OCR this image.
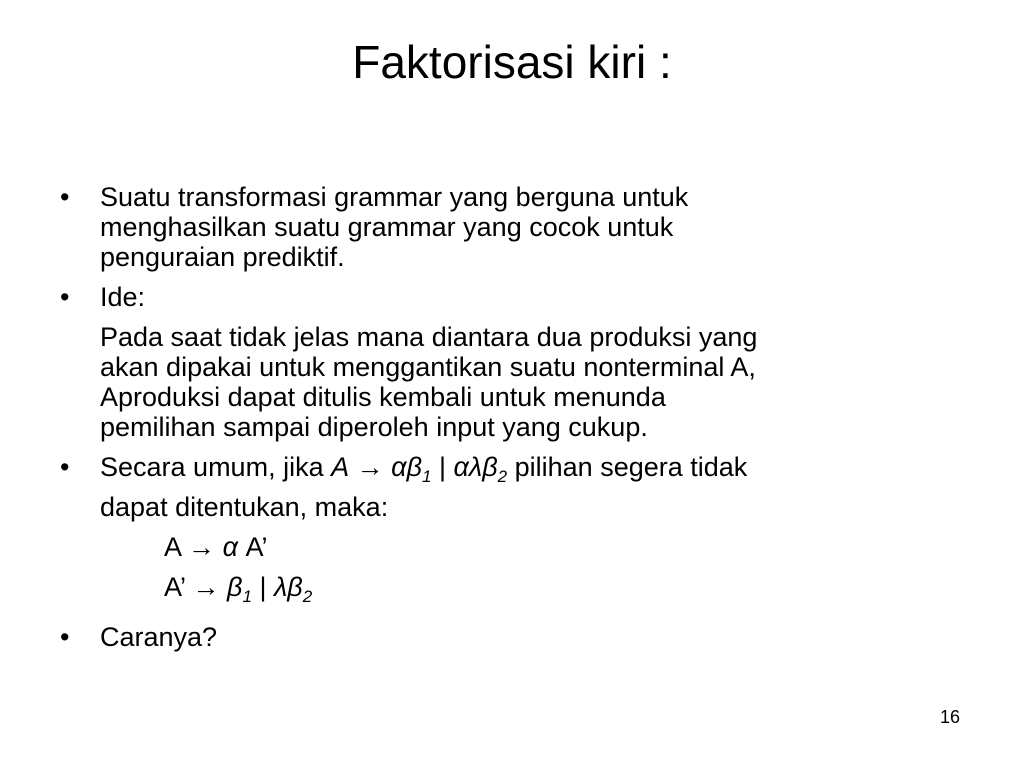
Faktorisasi kiri :
• Suatu transformasi grammar yang berguna untuk
menghasilkan suatu grammar yang cocok untuk
penguraian prediktif.
• Ide:
Pada saat tidak jelas mana diantara dua produksi yang
akan dipakai untuk menggantikan suatu nonterminal A,
Aproduksi dapat ditulis kembali untuk menunda
pemilihan sampai diperoleh input yang cukup.
• Secara umum, jika $A \to \alpha\beta_1$ | αλβ$_2$ pilihan segera tidak
dapat ditentukan, maka:
A → α A’
A’ → $\beta_1$ | $\lambda\beta_2$
• Caranya?
16
